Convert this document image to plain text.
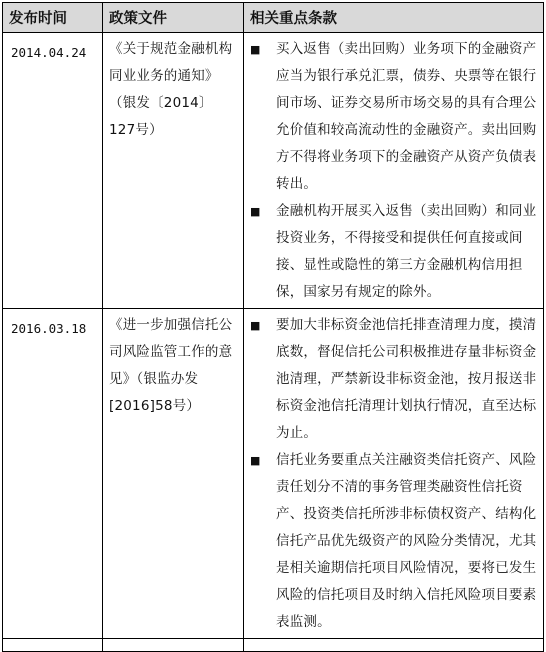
发布时间	政策文件	相关重点条款
2014.04.24	《关于规范金融机构同业业务的通知》（银发〔2014〕127号）	■ 买入返售（卖出回购）业务项下的金融资产应当为银行承兑汇票，债券、央票等在银行间市场、证券交易所市场交易的具有合理公允价值和较高流动性的金融资产。卖出回购方不得将业务项下的金融资产从资产负债表转出。
■ 金融机构开展买入返售（卖出回购）和同业投资业务，不得接受和提供任何直接或间接、显性或隐性的第三方金融机构信用担保，国家另有规定的除外。

2016.03.18	《进一步加强信托公司风险监管工作的意见》（银监办发[2016]58号）	■ 要加大非标资金池信托排查清理力度，摸清底数，督促信托公司积极推进存量非标资金池清理，严禁新设非标资金池，按月报送非标资金池信托清理计划执行情况，直至达标为止。
■ 信托业务要重点关注融资类信托资产、风险责任划分不清的事务管理类融资性信托资产、投资类信托所涉非标债权资产、结构化信托产品优先级资产的风险分类情况，尤其是相关逾期信托项目风险情况，要将已发生风险的信托项目及时纳入信托风险项目要素表监测。
